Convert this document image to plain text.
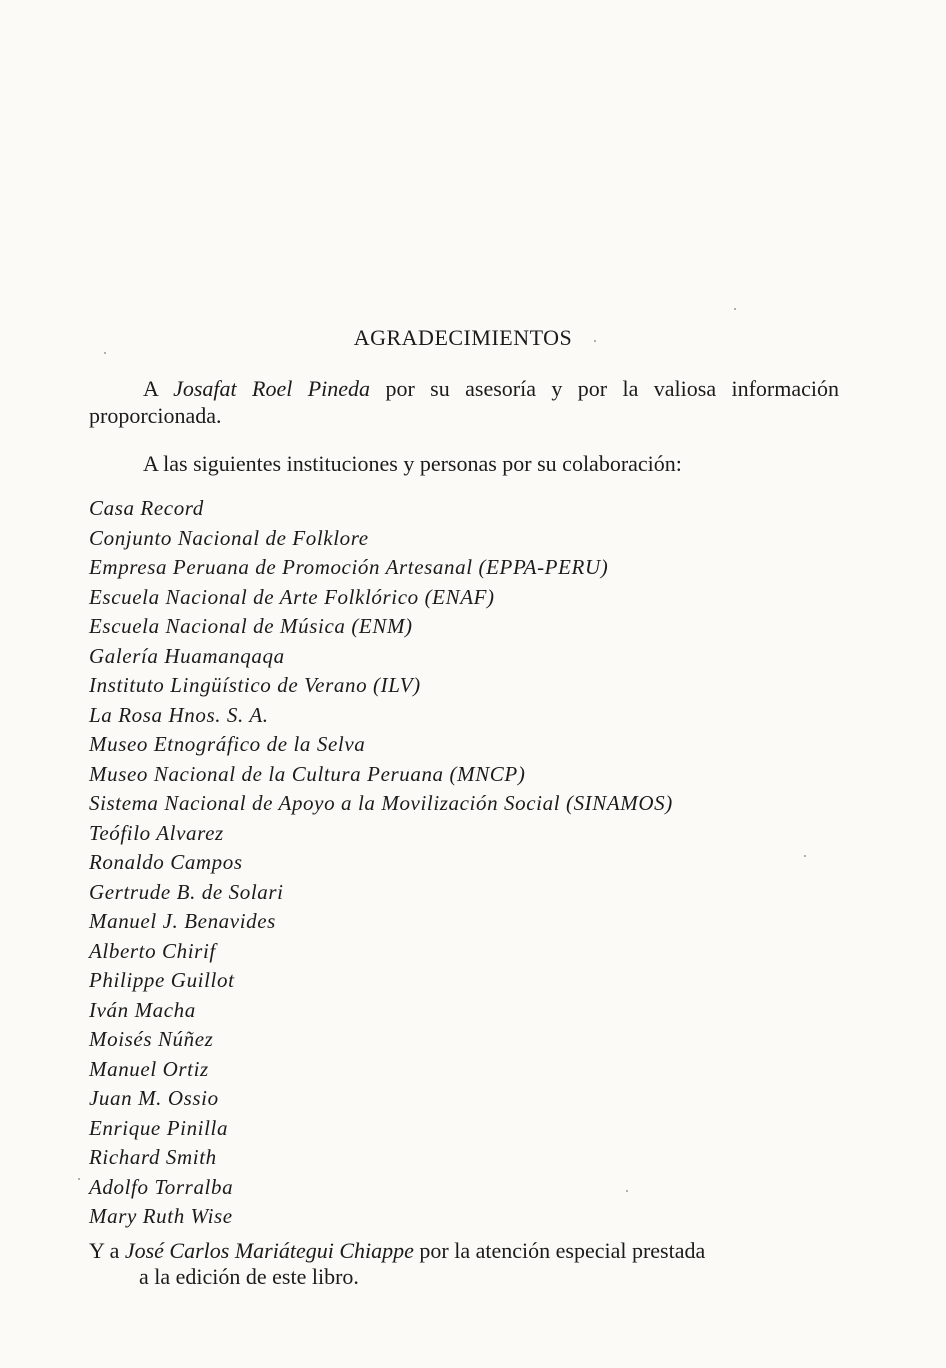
AGRADECIMIENTOS
A Josafat Roel Pineda por su asesoría y por la valiosa información proporcionada.
A las siguientes instituciones y personas por su colaboración:
Casa Record
Conjunto Nacional de Folklore
Empresa Peruana de Promoción Artesanal (EPPA-PERU)
Escuela Nacional de Arte Folklórico (ENAF)
Escuela Nacional de Música (ENM)
Galería Huamanqaqa
Instituto Lingüístico de Verano (ILV)
La Rosa Hnos. S. A.
Museo Etnográfico de la Selva
Museo Nacional de la Cultura Peruana (MNCP)
Sistema Nacional de Apoyo a la Movilización Social (SINAMOS)
Teófilo Alvarez
Ronaldo Campos
Gertrude B. de Solari
Manuel J. Benavides
Alberto Chirif
Philippe Guillot
Iván Macha
Moisés Núñez
Manuel Ortiz
Juan M. Ossio
Enrique Pinilla
Richard Smith
Adolfo Torralba
Mary Ruth Wise
Y a José Carlos Mariátegui Chiappe por la atención especial prestada
a la edición de este libro.
